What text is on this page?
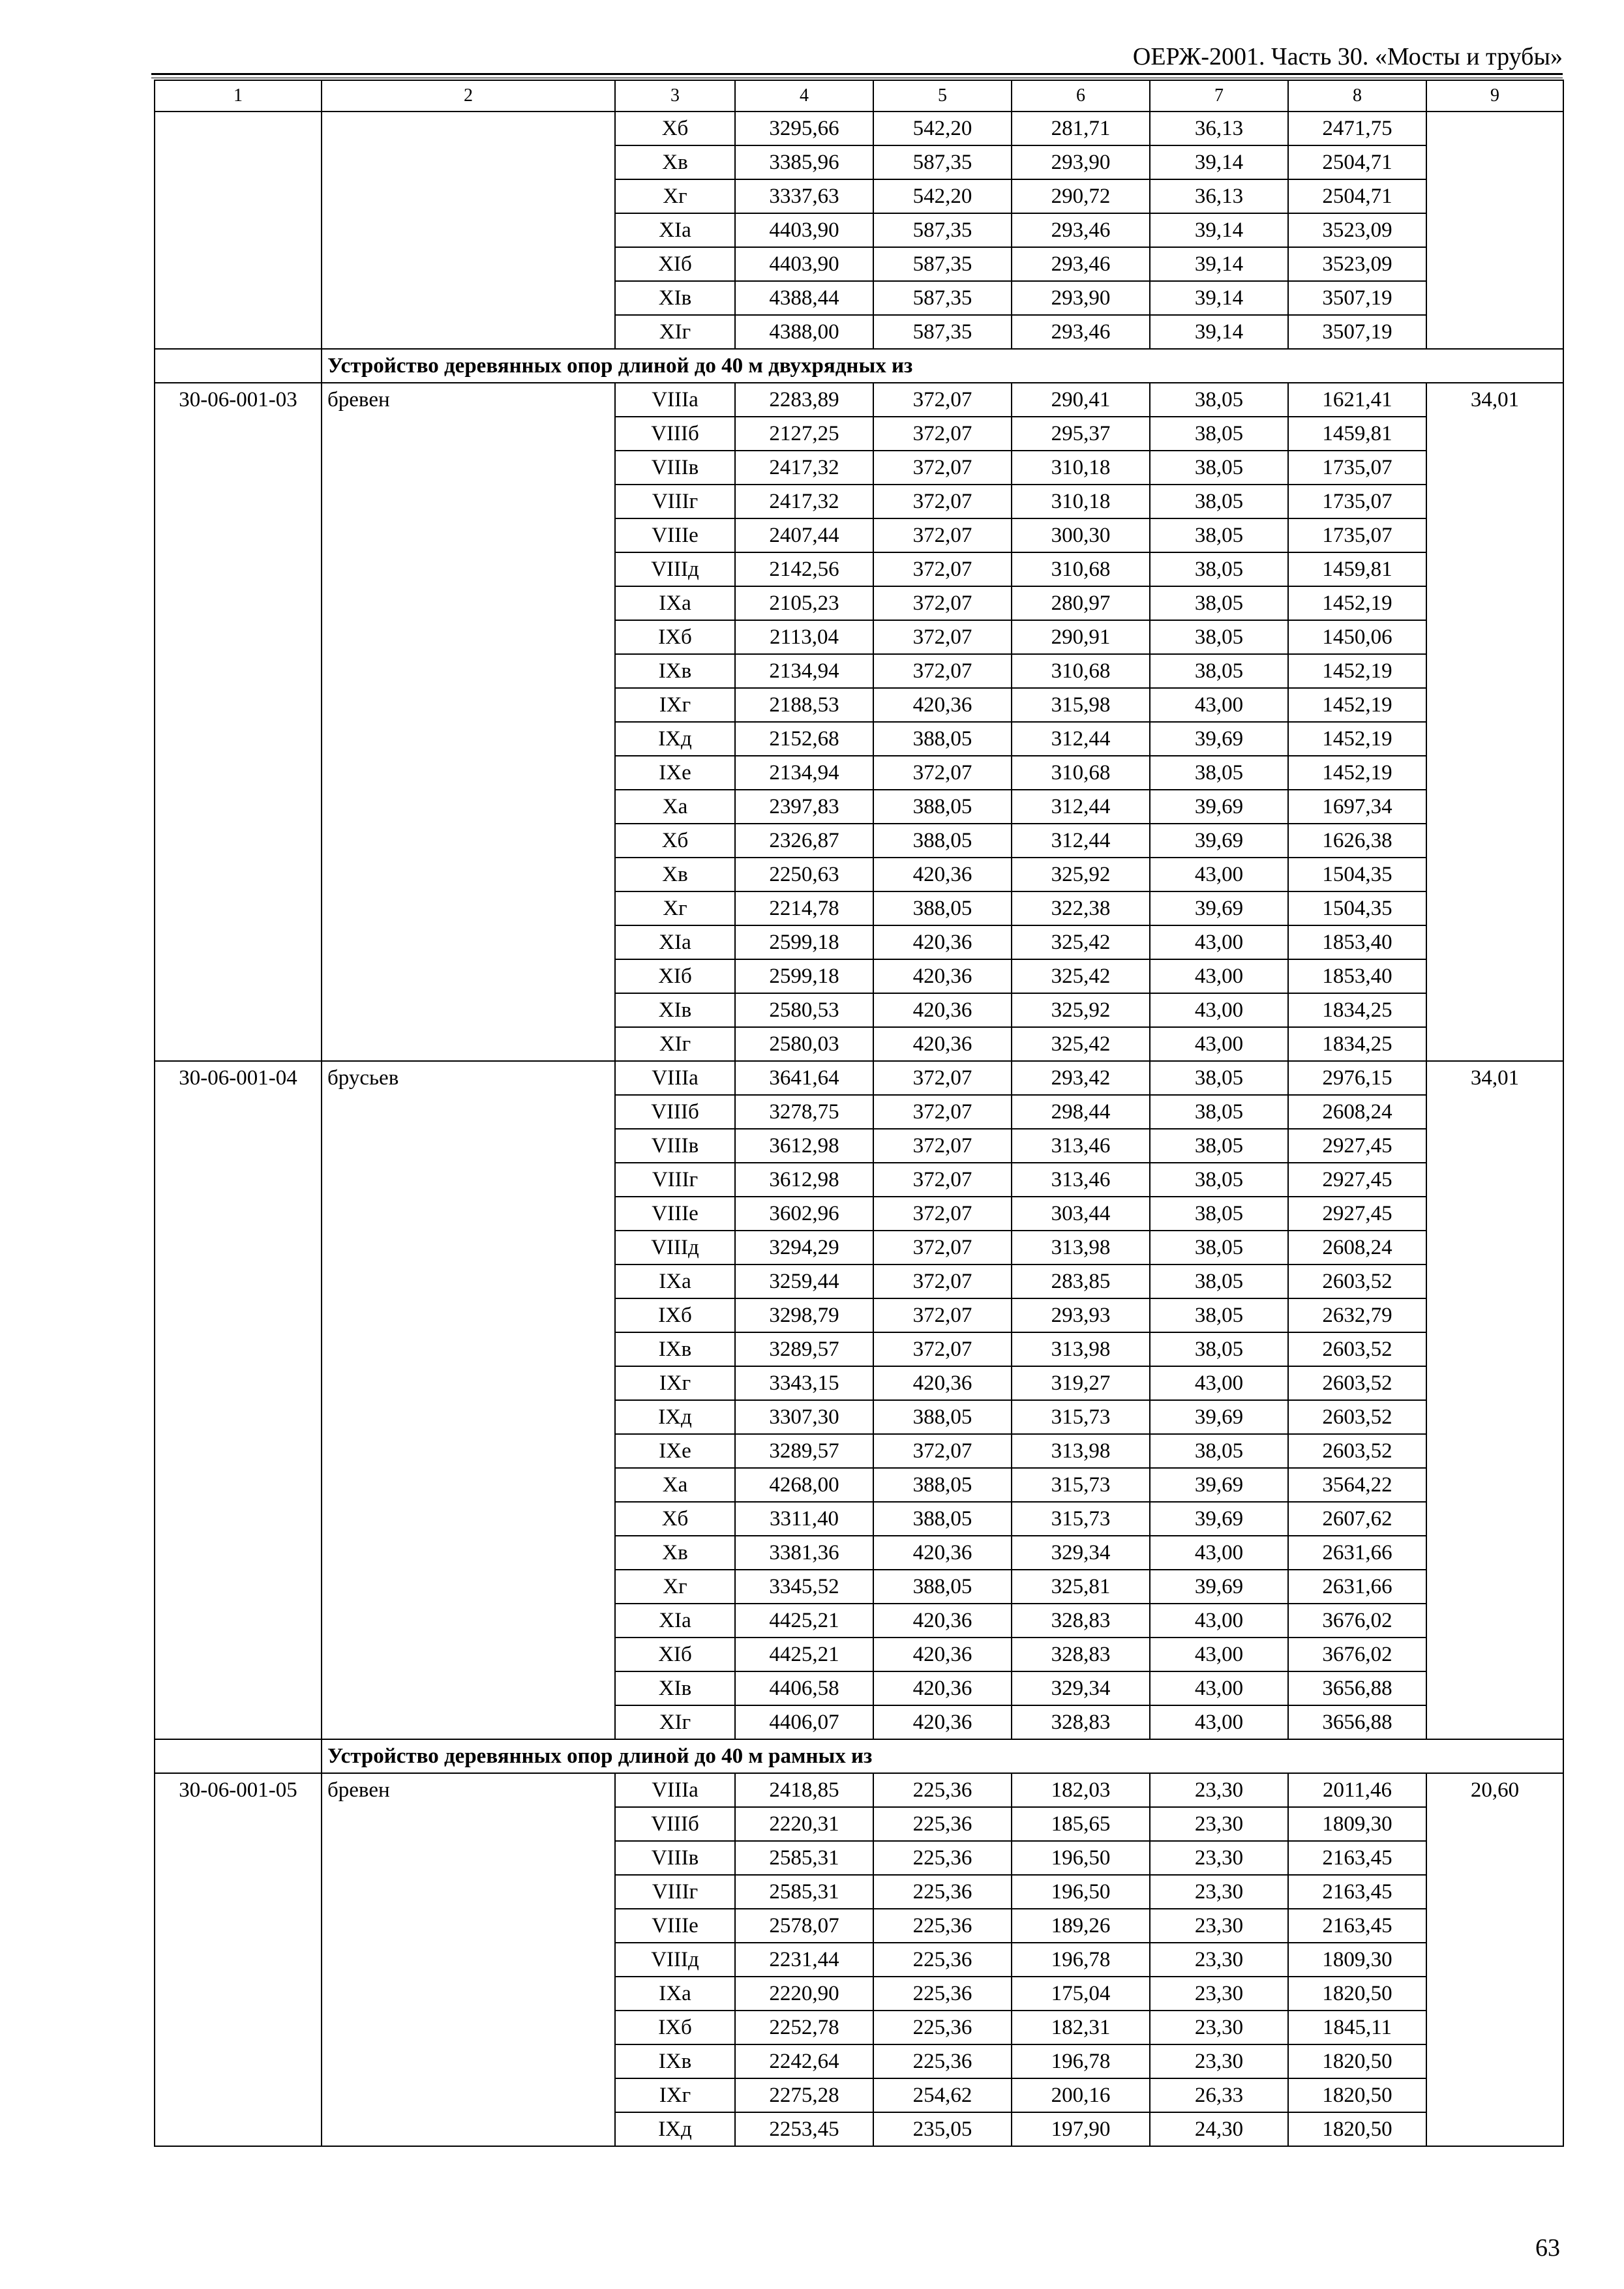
ОЕРЖ-2001. Часть 30. «Мосты и трубы»
1	2	3	4	5	6	7	8	9
		Хб	3295,66	542,20	281,71	36,13	2471,75	
		Хв	3385,96	587,35	293,90	39,14	2504,71	
		Хг	3337,63	542,20	290,72	36,13	2504,71	
		XIа	4403,90	587,35	293,46	39,14	3523,09	
		XIб	4403,90	587,35	293,46	39,14	3523,09	
		XIв	4388,44	587,35	293,90	39,14	3507,19	
		XIг	4388,00	587,35	293,46	39,14	3507,19	
	Устройство деревянных опор длиной до 40 м двухрядных из							
30-06-001-03	бревен	VIIIа	2283,89	372,07	290,41	38,05	1621,41	34,01
		VIIIб	2127,25	372,07	295,37	38,05	1459,81	
		VIIIв	2417,32	372,07	310,18	38,05	1735,07	
		VIIIг	2417,32	372,07	310,18	38,05	1735,07	
		VIIIе	2407,44	372,07	300,30	38,05	1735,07	
		VIIIд	2142,56	372,07	310,68	38,05	1459,81	
		IХа	2105,23	372,07	280,97	38,05	1452,19	
		IХб	2113,04	372,07	290,91	38,05	1450,06	
		IХв	2134,94	372,07	310,68	38,05	1452,19	
		IХг	2188,53	420,36	315,98	43,00	1452,19	
		IХд	2152,68	388,05	312,44	39,69	1452,19	
		IХе	2134,94	372,07	310,68	38,05	1452,19	
		Ха	2397,83	388,05	312,44	39,69	1697,34	
		Хб	2326,87	388,05	312,44	39,69	1626,38	
		Хв	2250,63	420,36	325,92	43,00	1504,35	
		Хг	2214,78	388,05	322,38	39,69	1504,35	
		XIа	2599,18	420,36	325,42	43,00	1853,40	
		XIб	2599,18	420,36	325,42	43,00	1853,40	
		XIв	2580,53	420,36	325,92	43,00	1834,25	
		XIг	2580,03	420,36	325,42	43,00	1834,25	
30-06-001-04	брусьев	VIIIа	3641,64	372,07	293,42	38,05	2976,15	34,01
		VIIIб	3278,75	372,07	298,44	38,05	2608,24	
		VIIIв	3612,98	372,07	313,46	38,05	2927,45	
		VIIIг	3612,98	372,07	313,46	38,05	2927,45	
		VIIIе	3602,96	372,07	303,44	38,05	2927,45	
		VIIIд	3294,29	372,07	313,98	38,05	2608,24	
		IХа	3259,44	372,07	283,85	38,05	2603,52	
		IХб	3298,79	372,07	293,93	38,05	2632,79	
		IХв	3289,57	372,07	313,98	38,05	2603,52	
		IХг	3343,15	420,36	319,27	43,00	2603,52	
		IХд	3307,30	388,05	315,73	39,69	2603,52	
		IХе	3289,57	372,07	313,98	38,05	2603,52	
		Ха	4268,00	388,05	315,73	39,69	3564,22	
		Хб	3311,40	388,05	315,73	39,69	2607,62	
		Хв	3381,36	420,36	329,34	43,00	2631,66	
		Хг	3345,52	388,05	325,81	39,69	2631,66	
		XIа	4425,21	420,36	328,83	43,00	3676,02	
		XIб	4425,21	420,36	328,83	43,00	3676,02	
		XIв	4406,58	420,36	329,34	43,00	3656,88	
		XIг	4406,07	420,36	328,83	43,00	3656,88	
	Устройство деревянных опор длиной до 40 м рамных из							
30-06-001-05	бревен	VIIIа	2418,85	225,36	182,03	23,30	2011,46	20,60
		VIIIб	2220,31	225,36	185,65	23,30	1809,30	
		VIIIв	2585,31	225,36	196,50	23,30	2163,45	
		VIIIг	2585,31	225,36	196,50	23,30	2163,45	
		VIIIе	2578,07	225,36	189,26	23,30	2163,45	
		VIIIд	2231,44	225,36	196,78	23,30	1809,30	
		IХа	2220,90	225,36	175,04	23,30	1820,50	
		IХб	2252,78	225,36	182,31	23,30	1845,11	
		IХв	2242,64	225,36	196,78	23,30	1820,50	
		IХг	2275,28	254,62	200,16	26,33	1820,50	
		IХд	2253,45	235,05	197,90	24,30	1820,50	
63
